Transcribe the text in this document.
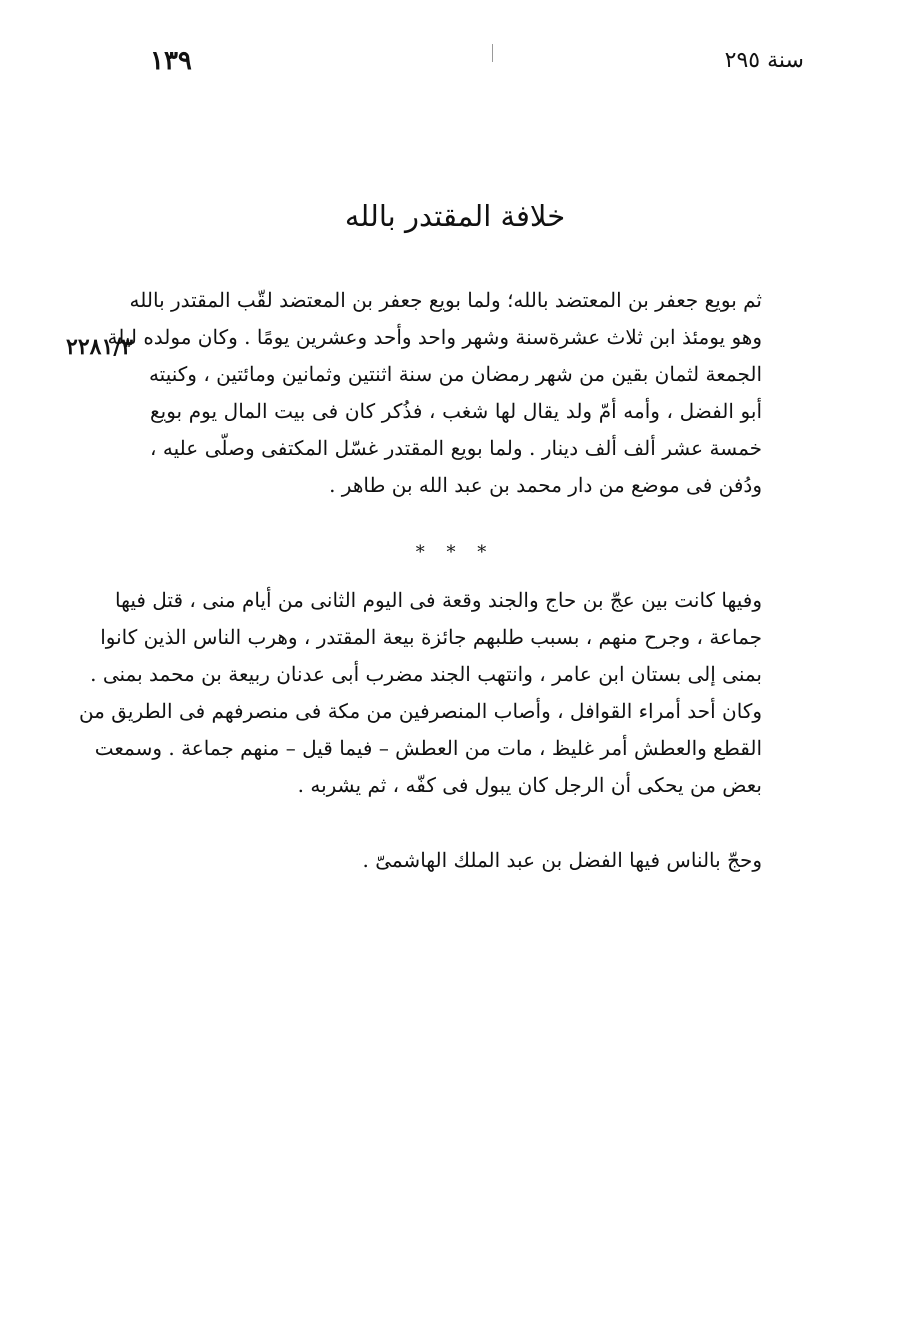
١٣٩	سنة ٢٩٥
خلافة المقتدر بالله
٢٢٨١/٣
ثم بويع جعفر بن المعتضد بالله؛ ولما بويع جعفر بن المعتضد لقّب المقتدر بالله
وهو يومئذ ابن ثلاث عشرةسنة وشهر واحد وأحد وعشرين يومًا . وكان مولده ليلة
الجمعة لثمان بقين من شهر رمضان من سنة اثنتين وثمانين ومائتين ، وكنيته
أبو الفضل ، وأمه أمّ ولد يقال لها شغب ، فذُكر كان فى بيت المال يوم بويع
خمسة عشر ألف ألف دينار . ولما بويع المقتدر غسّل المكتفى وصلّى عليه ،
ودُفن فى موضع من دار محمد بن عبد الله بن طاهر .
* * *
وفيها كانت بين عجّ بن حاج والجند وقعة فى اليوم الثانى من أيام منى ، قتل فيها
جماعة ، وجرح منهم ، بسبب طلبهم جائزة بيعة المقتدر ، وهرب الناس الذين كانوا
بمنى إلى بستان ابن عامر ، وانتهب الجند مضرب أبى عدنان ربيعة بن محمد بمنى .
وكان أحد أمراء القوافل ، وأصاب المنصرفين من مكة فى منصرفهم فى الطريق من
القطع والعطش أمر غليظ ، مات من العطش – فيما قيل – منهم جماعة . وسمعت
بعض من يحكى أن الرجل كان يبول فى كفّه ، ثم يشربه .
وحجّ بالناس فيها الفضل بن عبد الملك الهاشمىّ .
